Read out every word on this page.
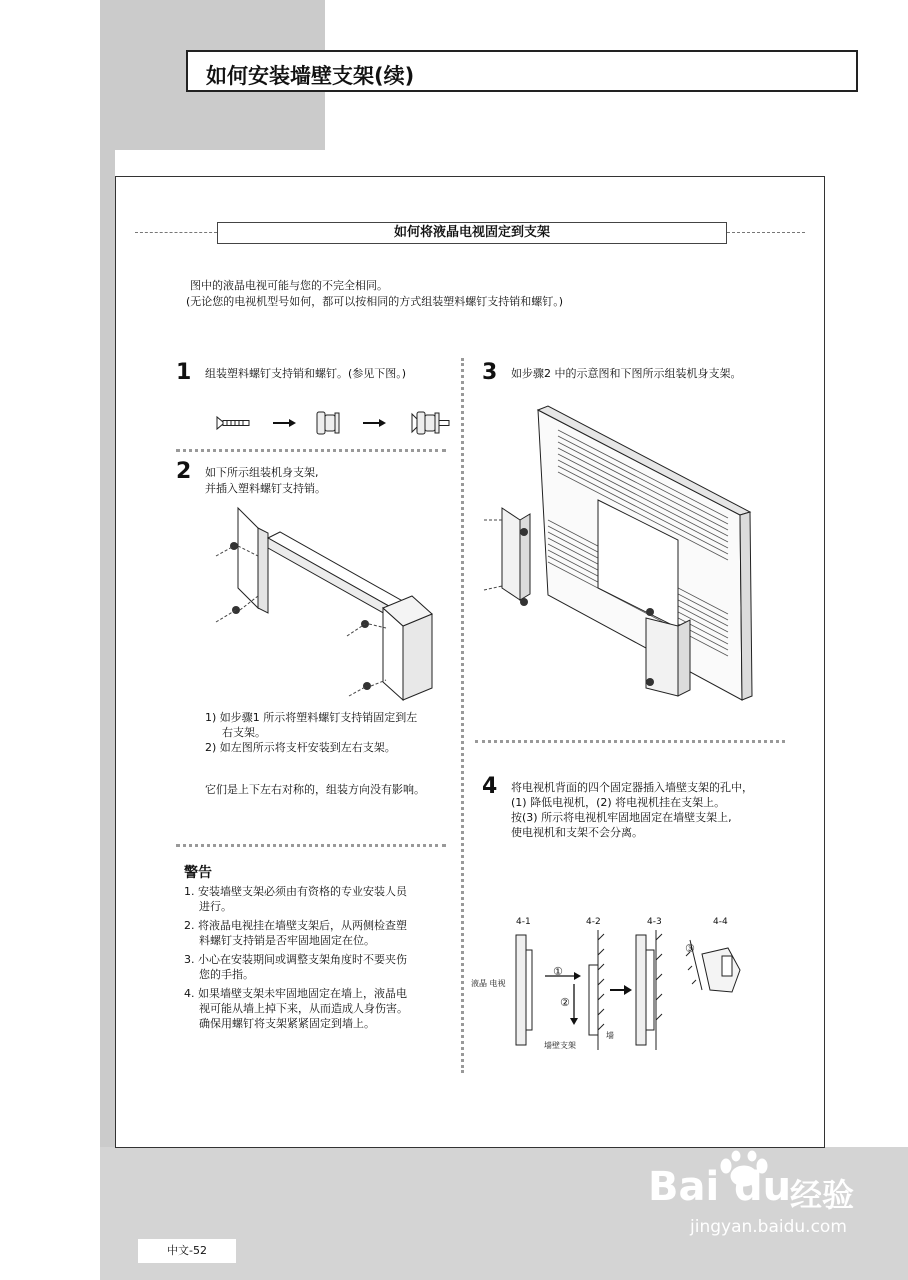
如何安装墙壁支架(续)
如何将液晶电视固定到支架
图中的液晶电视可能与您的不完全相同。
(无论您的电视机型号如何，都可以按相同的方式组装塑料螺钉支持销和螺钉。)
1 组装塑料螺钉支持销和螺钉。(参见下图。)
2 如下所示组装机身支架,
并插入塑料螺钉支持销。
1) 如步骤1 所示将塑料螺钉支持销固定到左
右支架。
2) 如左图所示将支杆安装到左右支架。
它们是上下左右对称的，组装方向没有影响。
3 如步骤2 中的示意图和下图所示组装机身支架。
4 将电视机背面的四个固定器插入墙壁支架的孔中，
(1) 降低电视机，(2) 将电视机挂在支架上。
按(3) 所示将电视机牢固地固定在墙壁支架上,
使电视机和支架不会分离。
4-1	4-2	4-3	4-4
①
②
③
液晶 电视
墙壁支架
墙
警告
1. 安装墙壁支架必须由有资格的专业安装人员
进行。
2. 将液晶电视挂在墙壁支架后，从两侧检查塑
料螺钉支持销是否牢固地固定在位。
3. 小心在安装期间或调整支架角度时不要夹伤
您的手指。
4. 如果墙壁支架未牢固地固定在墙上，液晶电
视可能从墙上掉下来，从而造成人身伤害。
确保用螺钉将支架紧紧固定到墙上。
中文-52
Bai du
经验
jingyan.baidu.com
